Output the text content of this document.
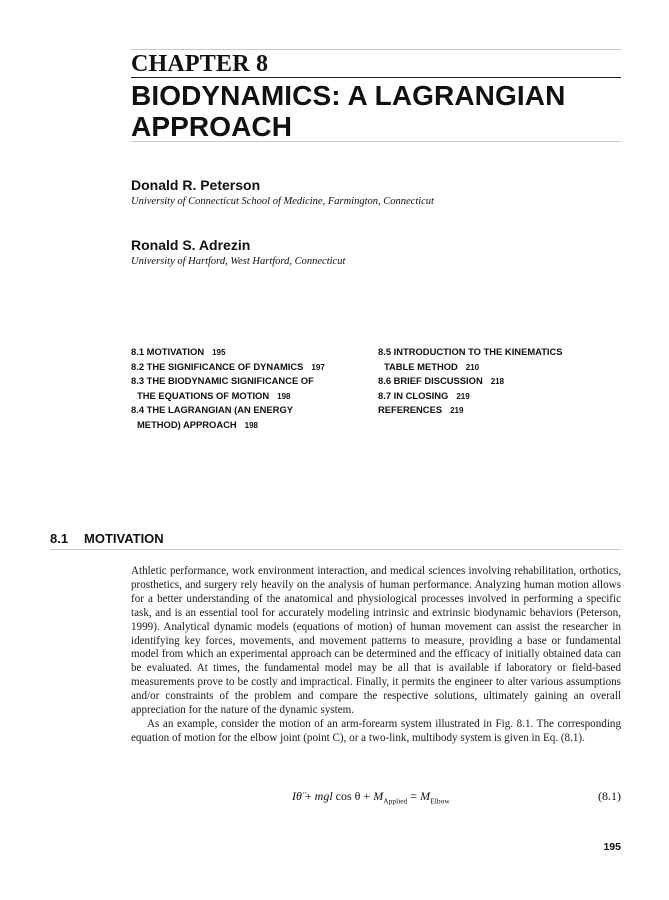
CHAPTER 8
BIODYNAMICS: A LAGRANGIAN APPROACH
Donald R. Peterson
University of Connecticut School of Medicine, Farmington, Connecticut
Ronald S. Adrezin
University of Hartford, West Hartford, Connecticut
8.1 MOTIVATION 195
8.2 THE SIGNIFICANCE OF DYNAMICS 197
8.3 THE BIODYNAMIC SIGNIFICANCE OF
THE EQUATIONS OF MOTION 198
8.4 THE LAGRANGIAN (AN ENERGY
METHOD) APPROACH 198
8.5 INTRODUCTION TO THE KINEMATICS
TABLE METHOD 210
8.6 BRIEF DISCUSSION 218
8.7 IN CLOSING 219
REFERENCES 219
8.1 MOTIVATION

Athletic performance, work environment interaction, and medical sciences involving rehabilitation, orthotics, prosthetics, and surgery rely heavily on the analysis of human performance. Analyzing human motion allows for a better understanding of the anatomical and physiological processes involved in performing a specific task, and is an essential tool for accurately modeling intrinsic and extrinsic biodynamic behaviors (Peterson, 1999). Analytical dynamic models (equations of motion) of human movement can assist the researcher in identifying key forces, movements, and movement patterns to measure, providing a base or fundamental model from which an experimental approach can be determined and the efficacy of initially obtained data can be evaluated. At times, the fundamental model may be all that is available if laboratory or field-based measurements prove to be costly and impractical. Finally, it permits the engineer to alter various assumptions and/or constraints of the problem and compare the respective solutions, ultimately gaining an overall appreciation for the nature of the dynamic system.

As an example, consider the motion of an arm-forearm system illustrated in Fig. 8.1. The corresponding equation of motion for the elbow joint (point C), or a two-link, multibody system is given in Eq. (8.1).

Iθ̈ + mgl $\cos \theta + M_{Applied} = M_{Elbow}$	(8.1)
195
